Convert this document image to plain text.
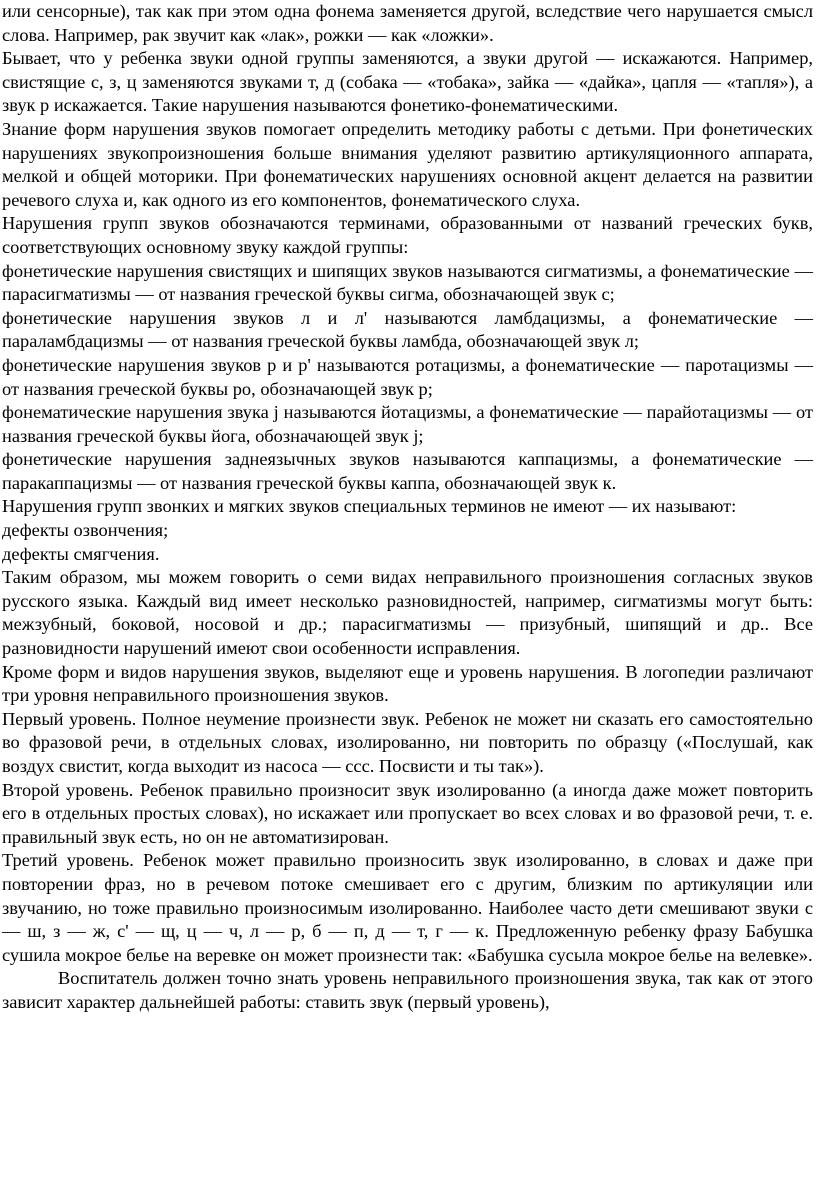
или сенсорные), так как при этом одна фонема заменяется другой, вследствие чего нарушается смысл слова. Например, рак звучит как «лак», рожки — как «ложки».

Бывает, что у ребенка звуки одной группы заменяются, а звуки другой — искажаются. Например, свистящие с, з, ц заменяются звуками т, д (собака — «тобака», зайка — «дайка», цапля — «тапля»), а звук р искажается. Такие нарушения называются фонетико-фонематическими.

Знание форм нарушения звуков помогает определить методику работы с детьми. При фонетических нарушениях звукопроизношения больше внимания уделяют развитию артикуляционного аппарата, мелкой и общей моторики. При фонематических нарушениях основной акцент делается на развитии речевого слуха и, как одного из его компонентов, фонематического слуха.

Нарушения групп звуков обозначаются терминами, образованными от названий греческих букв, соответствующих основному звуку каждой группы:

фонетические нарушения свистящих и шипящих звуков называются сигматизмы, а фонематические — парасигматизмы — от названия греческой буквы сигма, обозначающей звук с;

фонетические нарушения звуков л и л' называются ламбдацизмы, а фонематические — параламбдацизмы — от названия греческой буквы ламбда, обозначающей звук л;

фонетические нарушения звуков р и р' называются ротацизмы, а фонематические — паротацизмы — от названия греческой буквы ро, обозначающей звук р;

фонематические нарушения звука j называются йотацизмы, а фонематические — парайотацизмы — от названия греческой буквы йога, обозначающей звук j;

фонетические нарушения заднеязычных звуков называются каппацизмы, а фонематические — паракаппацизмы — от названия греческой буквы каппа, обозначающей звук к.

Нарушения групп звонких и мягких звуков специальных терминов не имеют — их называют:

дефекты озвончения;

дефекты смягчения.

Таким образом, мы можем говорить о семи видах неправильного произношения согласных звуков русского языка. Каждый вид имеет несколько разновидностей, например, сигматизмы могут быть: межзубный, боковой, носовой и др.; парасигматизмы — призубный, шипящий и др.. Все разновидности нарушений имеют свои особенности исправления.

Кроме форм и видов нарушения звуков, выделяют еще и уровень нарушения. В логопедии различают три уровня неправильного произношения звуков.

Первый уровень. Полное неумение произнести звук. Ребенок не может ни сказать его самостоятельно во фразовой речи, в отдельных словах, изолированно, ни повторить по образцу («Послушай, как воздух свистит, когда выходит из насоса — ссс. Посвисти и ты так»).

Второй уровень. Ребенок правильно произносит звук изолированно (а иногда даже может повторить его в отдельных простых словах), но искажает или пропускает во всех словах и во фразовой речи, т. е. правильный звук есть, но он не автоматизирован.

Третий уровень. Ребенок может правильно произносить звук изолированно, в словах и даже при повторении фраз, но в речевом потоке смешивает его с другим, близким по артикуляции или звучанию, но тоже правильно произносимым изолированно. Наиболее часто дети смешивают звуки с — ш, з — ж, с' — щ, ц — ч, л — р, б — п, д — т, г — к. Предложенную ребенку фразу Бабушка сушила мокрое белье на веревке он может произнести так: «Бабушка сусыла мокрое белье на велевке».

Воспитатель должен точно знать уровень неправильного произношения звука, так как от этого зависит характер дальнейшей работы: ставить звук (первый уровень),
